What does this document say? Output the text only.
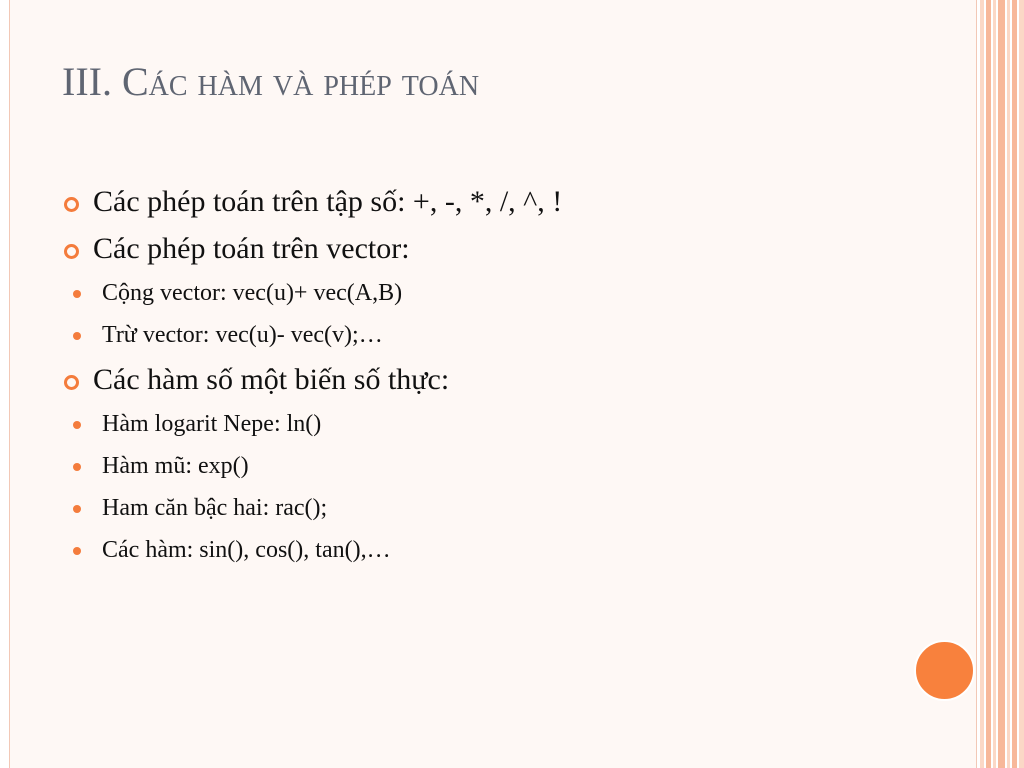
III. Các hàm và phép toán
Các phép toán trên tập số: +, -, *, /, ^, !
Các phép toán trên vector:
Cộng vector: vec(u)+ vec(A,B)
Trừ vector: vec(u)- vec(v);…
Các hàm số một biến số thực:
Hàm logarit Nepe: ln()
Hàm mũ: exp()
Ham căn bậc hai: rac();
Các hàm: sin(), cos(), tan(),…
